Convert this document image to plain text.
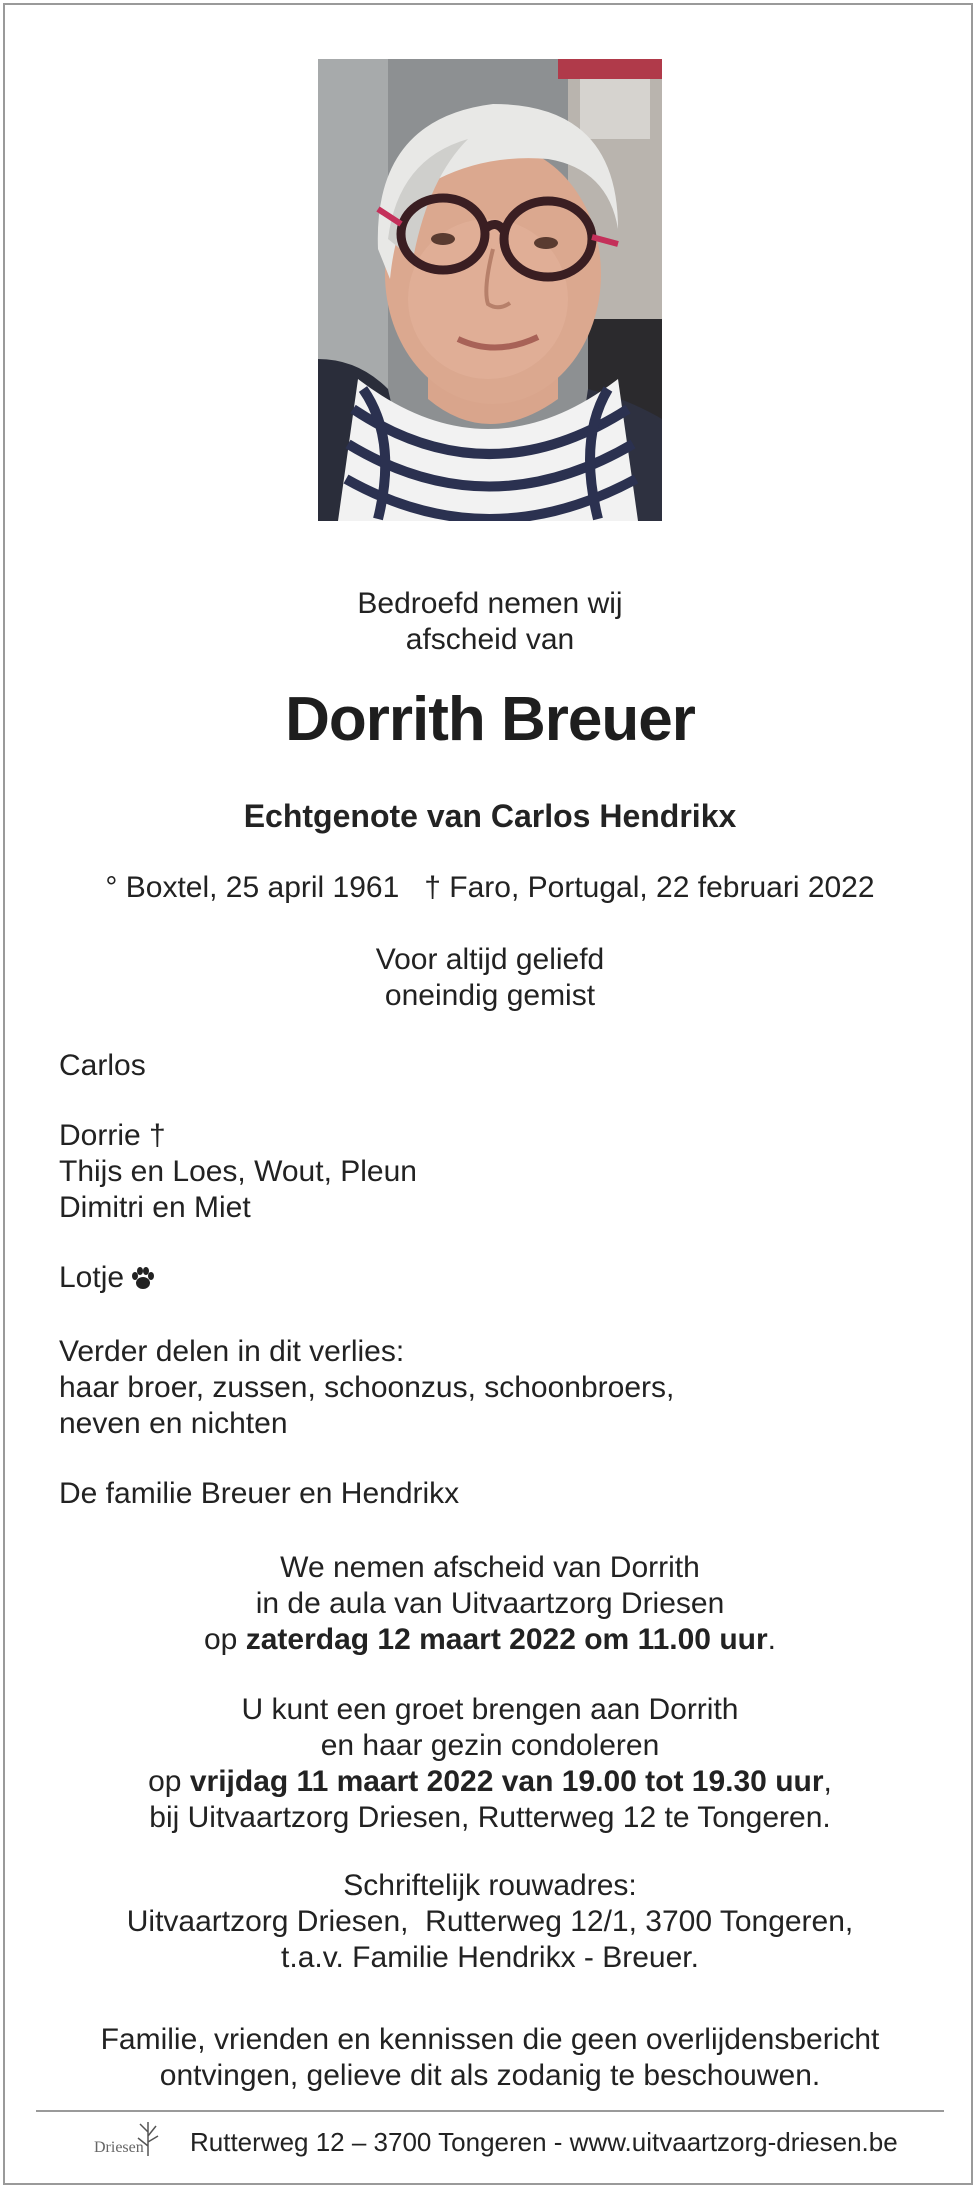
Bedroefd nemen wij

afscheid van

Dorrith Breuer

Echtgenote van Carlos Hendrikx

° Boxtel, 25 april 1961   † Faro, Portugal, 22 februari 2022

Voor altijd geliefd

oneindig gemist

Carlos

Dorrie †

Thijs en Loes, Wout, Pleun

Dimitri en Miet

Lotje

Verder delen in dit verlies:

haar broer, zussen, schoonzus, schoonbroers,

neven en nichten

De familie Breuer en Hendrikx

We nemen afscheid van Dorrith

in de aula van Uitvaartzorg Driesen

op zaterdag 12 maart 2022 om 11.00 uur.

U kunt een groet brengen aan Dorrith

en haar gezin condoleren

op vrijdag 11 maart 2022 van 19.00 tot 19.30 uur,

bij Uitvaartzorg Driesen, Rutterweg 12 te Tongeren.

Schriftelijk rouwadres:

Uitvaartzorg Driesen,  Rutterweg 12/1, 3700 Tongeren,

t.a.v. Familie Hendrikx - Breuer.

Familie, vrienden en kennissen die geen overlijdensbericht

ontvingen, gelieve dit als zodanig te beschouwen.

Driesen Rutterweg 12 – 3700 Tongeren - www.uitvaartzorg-driesen.be
